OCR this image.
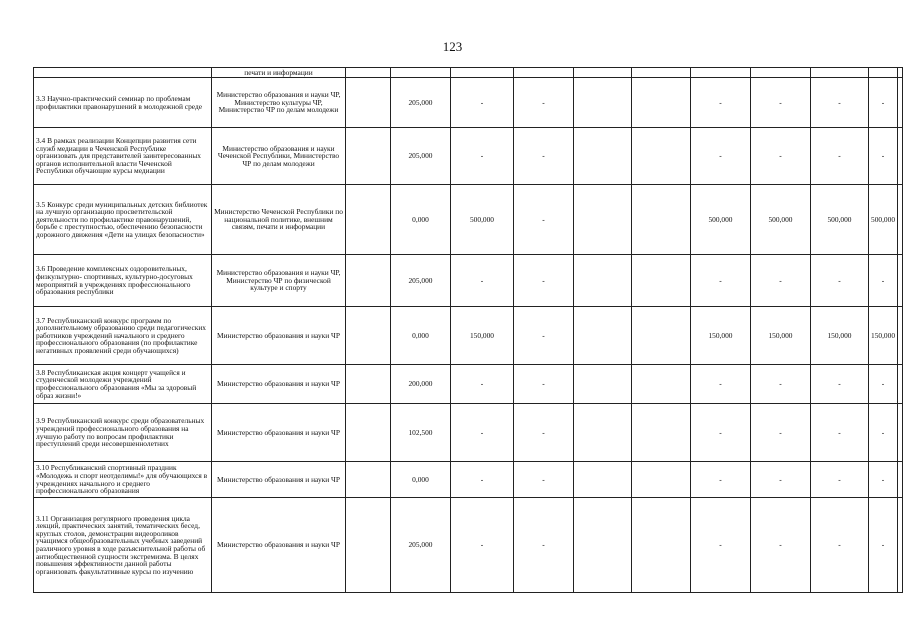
123
	печати и информации											
3.3 Научно-практический семинар по проблемам профилактики правонарушений в молодежной среде	Министерство образования и науки ЧР, Министерство культуры ЧР, Министерство ЧР по делам молодежи		205,000	-	-			-	-	-	-	
3.4 В рамках реализации Концепции развития сети служб медиации в Чеченской Республике организовать для представителей заинтересованных органов исполнительной власти Чеченской Республики обучающие курсы медиации	Министерство образования и науки Чеченской Республики, Министерство ЧР по делам молодежи		205,000	-	-			-	-	-	-	
3.5 Конкурс среди муниципальных детских библиотек на лучшую организацию просветительской деятельности по профилактике правонарушений, борьбе с преступностью, обеспечению безопасности дорожного движения «Дети на улицах безопасности»	Министерство Чеченской Республики по национальной политике, внешним связям, печати и информации		0,000	500,000	-			500,000	500,000	500,000	500,000	
3.6 Проведение комплексных оздоровительных, физкультурно- спортивных, культурно-досуговых мероприятий в учреждениях профессионального образования республики	Министерство образования и науки ЧР, Министерство ЧР по физической культуре и спорту		205,000	-	-			-	-	-	-	
3.7 Республиканский конкурс программ по дополнительному образованию среди педагогических работников учреждений начального и среднего профессионального образования (по профилактике негативных проявлений среди обучающихся)	Министерство образования и науки ЧР		0,000	150,000	-			150,000	150,000	150,000	150,000	
3.8 Республиканская акция концерт учащейся и студенческой молодежи учреждений профессионального образования «Мы за здоровый образ жизни!»	Министерство образования и науки ЧР		200,000	-	-			-	-	-	-	
3.9 Республиканский конкурс среди образовательных учреждений профессионального образования на лучшую работу по вопросам профилактики преступлений среди несовершеннолетних	Министерство образования и науки ЧР		102,500	-	-			-	-	-	-	
3.10 Республиканский спортивный праздник «Молодежь и спорт неотделимы!» для обучающихся в учреждениях начального и среднего профессионального образования	Министерство образования и науки ЧР		0,000	-	-			-	-	-	-	
3.11 Организация регулярного проведения цикла лекций, практических занятий, тематических бесед, круглых столов, демонстрации видеороликов учащимся общеобразовательных учебных заведений различного уровня в ходе разъяснительной работы об антиобщественной сущности экстремизма. В целях повышения эффективности данной работы организовать факультативные курсы по изучению	Министерство образования и науки ЧР		205,000	-	-			-	-	-	-	
